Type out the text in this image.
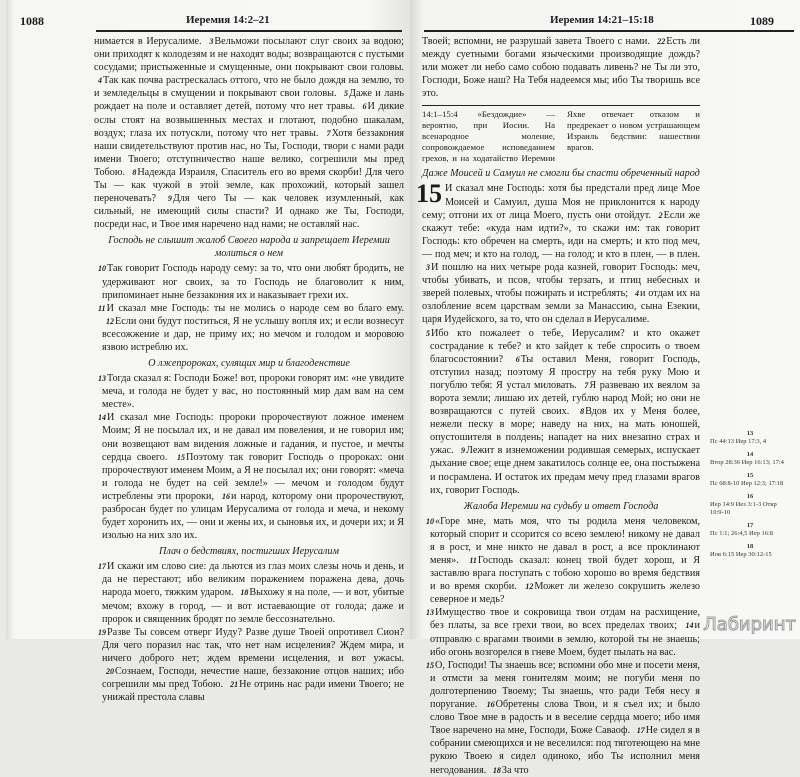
1088	Иеремия 14:2–21

нимается в Иерусалиме. 3Вельможи посылают слуг своих за водою; они приходят к колодезям и не находят воды; возвращаются с пустыми сосудами; пристыженные и смущенные, они покрывают свои головы. 4Так как почва растрескалась оттого, что не было дождя на землю, то и земледельцы в смущении и покрывают свои головы. 5Даже и лань рождает на поле и оставляет детей, потому что нет травы. 6И дикие ослы стоят на возвышенных местах и глотают, подобно шакалам, воздух; глаза их потускли, потому что нет травы. 7Хотя беззакония наши свидетельствуют против нас, но Ты, Господи, твори с нами ради имени Твоего; отступничество наше велико, согрешили мы пред Тобою. 8Надежда Израиля, Спаситель его во время скорби! Для чего Ты — как чужой в этой земле, как прохожий, который зашел переночевать? 9Для чего Ты — как человек изумленный, как сильный, не имеющий силы спасти? И однако же Ты, Господи, посреди нас, и Твое имя наречено над нами; не оставляй нас.

Господь не слышит жалоб Своего народа и запрещает Иеремии молиться о нем

10Так говорит Господь народу сему: за то, что они любят бродить, не удерживают ног своих, за то Господь не благоволит к ним, припоминает ныне беззакония их и наказывает грехи их.

11И сказал мне Господь: ты не молись о народе сем во благо ему. 12Если они будут поститься, Я не услышу вопля их; и если вознесут всесожжение и дар, не приму их; но мечом и голодом и моровою язвою истреблю их.

О лжепророках, сулящих мир и благоденствие

13Тогда сказал я: Господи Боже! вот, пророки говорят им: «не увидите меча, и голода не будет у вас, но постоянный мир дам вам на сем месте».

14И сказал мне Господь: пророки пророчествуют ложное именем Моим; Я не посылал их, и не давал им повеления, и не говорил им; они возвещают вам видения ложные и гадания, и пустое, и мечты сердца своего. 15Поэтому так говорит Господь о пророках: они пророчествуют именем Моим, а Я не посылал их; они говорят: «меча и голода не будет на сей земле!» — мечом и голодом будут истреблены эти пророки, 16и народ, которому они пророчествуют, разбросан будет по улицам Иерусалима от голода и меча, и некому будет хоронить их, — они и жены их, и сыновья их, и дочери их; и Я изолью на них зло их.

Плач о бедствиях, постигших Иерусалим

17И скажи им слово сие: да льются из глаз моих слезы ночь и день, и да не перестают; ибо великим поражением поражена дева, дочь народа моего, тяжким ударом. 18Выхожу я на поле, — и вот, убитые мечом; вхожу в город, — и вот истаевающие от голода; даже и пророк и священник бродят по земле бессознательно.

19Разве Ты совсем отверг Иуду? Разве душе Твоей опротивел Сион? Для чего поразил нас так, что нет нам исцеления? Ждем мира, и ничего доброго нет; ждем времени исцеления, и вот ужасы. 20Сознаем, Господи, нечестие наше, беззаконие отцов наших; ибо согрешили мы пред Тобою. 21Не отринь нас ради имени Твоего; не унижай престола славы

Иеремия 14:21–15:18	1089

Твоей; вспомни, не разрушай завета Твоего с нами. 22Есть ли между суетными богами языческими производящие дождь? или может ли небо само собою подавать ливень? не Ты ли это, Господи, Боже наш? На Тебя надеемся мы; ибо Ты творишь все это.

14:1–15:4 «Бездождие» — вероятно, при Иосии. На всенародное моление, сопровождаемое исповеданием грехов, и на ходатайство Иеремии Яхве отвечает отказом и предрекает о новом устрашающем Израиль бедствии: нашествии врагов.
Даже Моисей и Самуил не смогли бы спасти обреченный народ

15 И сказал мне Господь: хотя бы предстали пред лице Мое Моисей и Самуил, душа Моя не приклонится к народу сему; отгони их от лица Моего, пусть они отойдут. 2Если же скажут тебе: «куда нам идти?», то скажи им: так говорит Господь: кто обречен на смерть, иди на смерть; и кто под меч, — под меч; и кто на голод, — на голод; и кто в плен, — в плен. 3И пошлю на них четыре рода казней, говорит Господь: меч, чтобы убивать, и псов, чтобы терзать, и птиц небесных и зверей полевых, чтобы пожирать и истреблять; 4и отдам их на озлобление всем царствам земли за Манассию, сына Езекии, царя Иудейского, за то, что он сделал в Иерусалиме.

5Ибо кто пожалеет о тебе, Иерусалим? и кто окажет сострадание к тебе? и кто зайдет к тебе спросить о твоем благосостоянии? 6Ты оставил Меня, говорит Господь, отступил назад; поэтому Я простру на тебя руку Мою и погублю тебя: Я устал миловать. 7Я развеваю их веялом за ворота земли; лишаю их детей, гублю народ Мой; но они не возвращаются с путей своих. 8Вдов их у Меня более, нежели песку в море; наведу на них, на мать юношей, опустошителя в полдень; нападет на них внезапно страх и ужас. 9Лежит в изнеможении родившая семерых, испускает дыхание свое; еще днем закатилось солнце ее, она постыжена и посрамлена. И остаток их предам мечу пред глазами врагов их, говорит Господь.

Жалоба Иеремии на судьбу и ответ Господа

10«Горе мне, мать моя, что ты родила меня человеком, который спорит и ссорится со всею землею! никому не давал я в рост, и мне никто не давал в рост, а все проклинают меня». 11Господь сказал: конец твой будет хорош, и Я заставлю врага поступать с тобою хорошо во время бедствия и во время скорби. 12Может ли железо сокрушить железо северное и медь?

13Имущество твое и сокровища твои отдам на расхищение, без платы, за все грехи твои, во всех пределах твоих; 14и отправлю с врагами твоими в землю, которой ты не знаешь; ибо огонь возгорелся в гневе Моем, будет пылать на вас.

15О, Господи! Ты знаешь все; вспомни обо мне и посети меня, и отмсти за меня гонителям моим; не погуби меня по долготерпению Твоему; Ты знаешь, что ради Тебя несу я поругание. 16Обретены слова Твои, и я съел их; и было слово Твое мне в радость и в веселие сердца моего; ибо имя Твое наречено на мне, Господи, Боже Саваоф. 17Не сидел я в собрании смеющихся и не веселился: под тяготеющею на мне рукою Твоею я сидел одиноко, ибо Ты исполнил меня негодования. 18За что

13
Пс 44:13 Иер 17:3, 4
14
Втор 28:36 Иер 16:13; 17:4
15
Пс 68:8-10 Иер 12:3; 17:18
16
Иер 14:9 Иез 3:1-3 Откр 10:9-10
17
Пс 1:1; 26:4,5 Иер 16:8
18
Иов 6:15 Иер 30:12-15
Лабиринт
